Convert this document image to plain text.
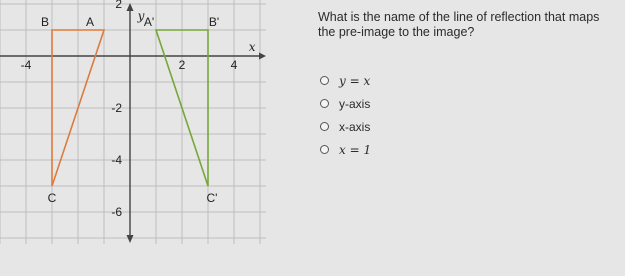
y
x
-4	2	4
2
-2
-4
-6
A
B
C
A'	B'
C'

What is the name of the line of reflection that maps the pre-image to the image?

y = x
y-axis
x-axis
x = 1
